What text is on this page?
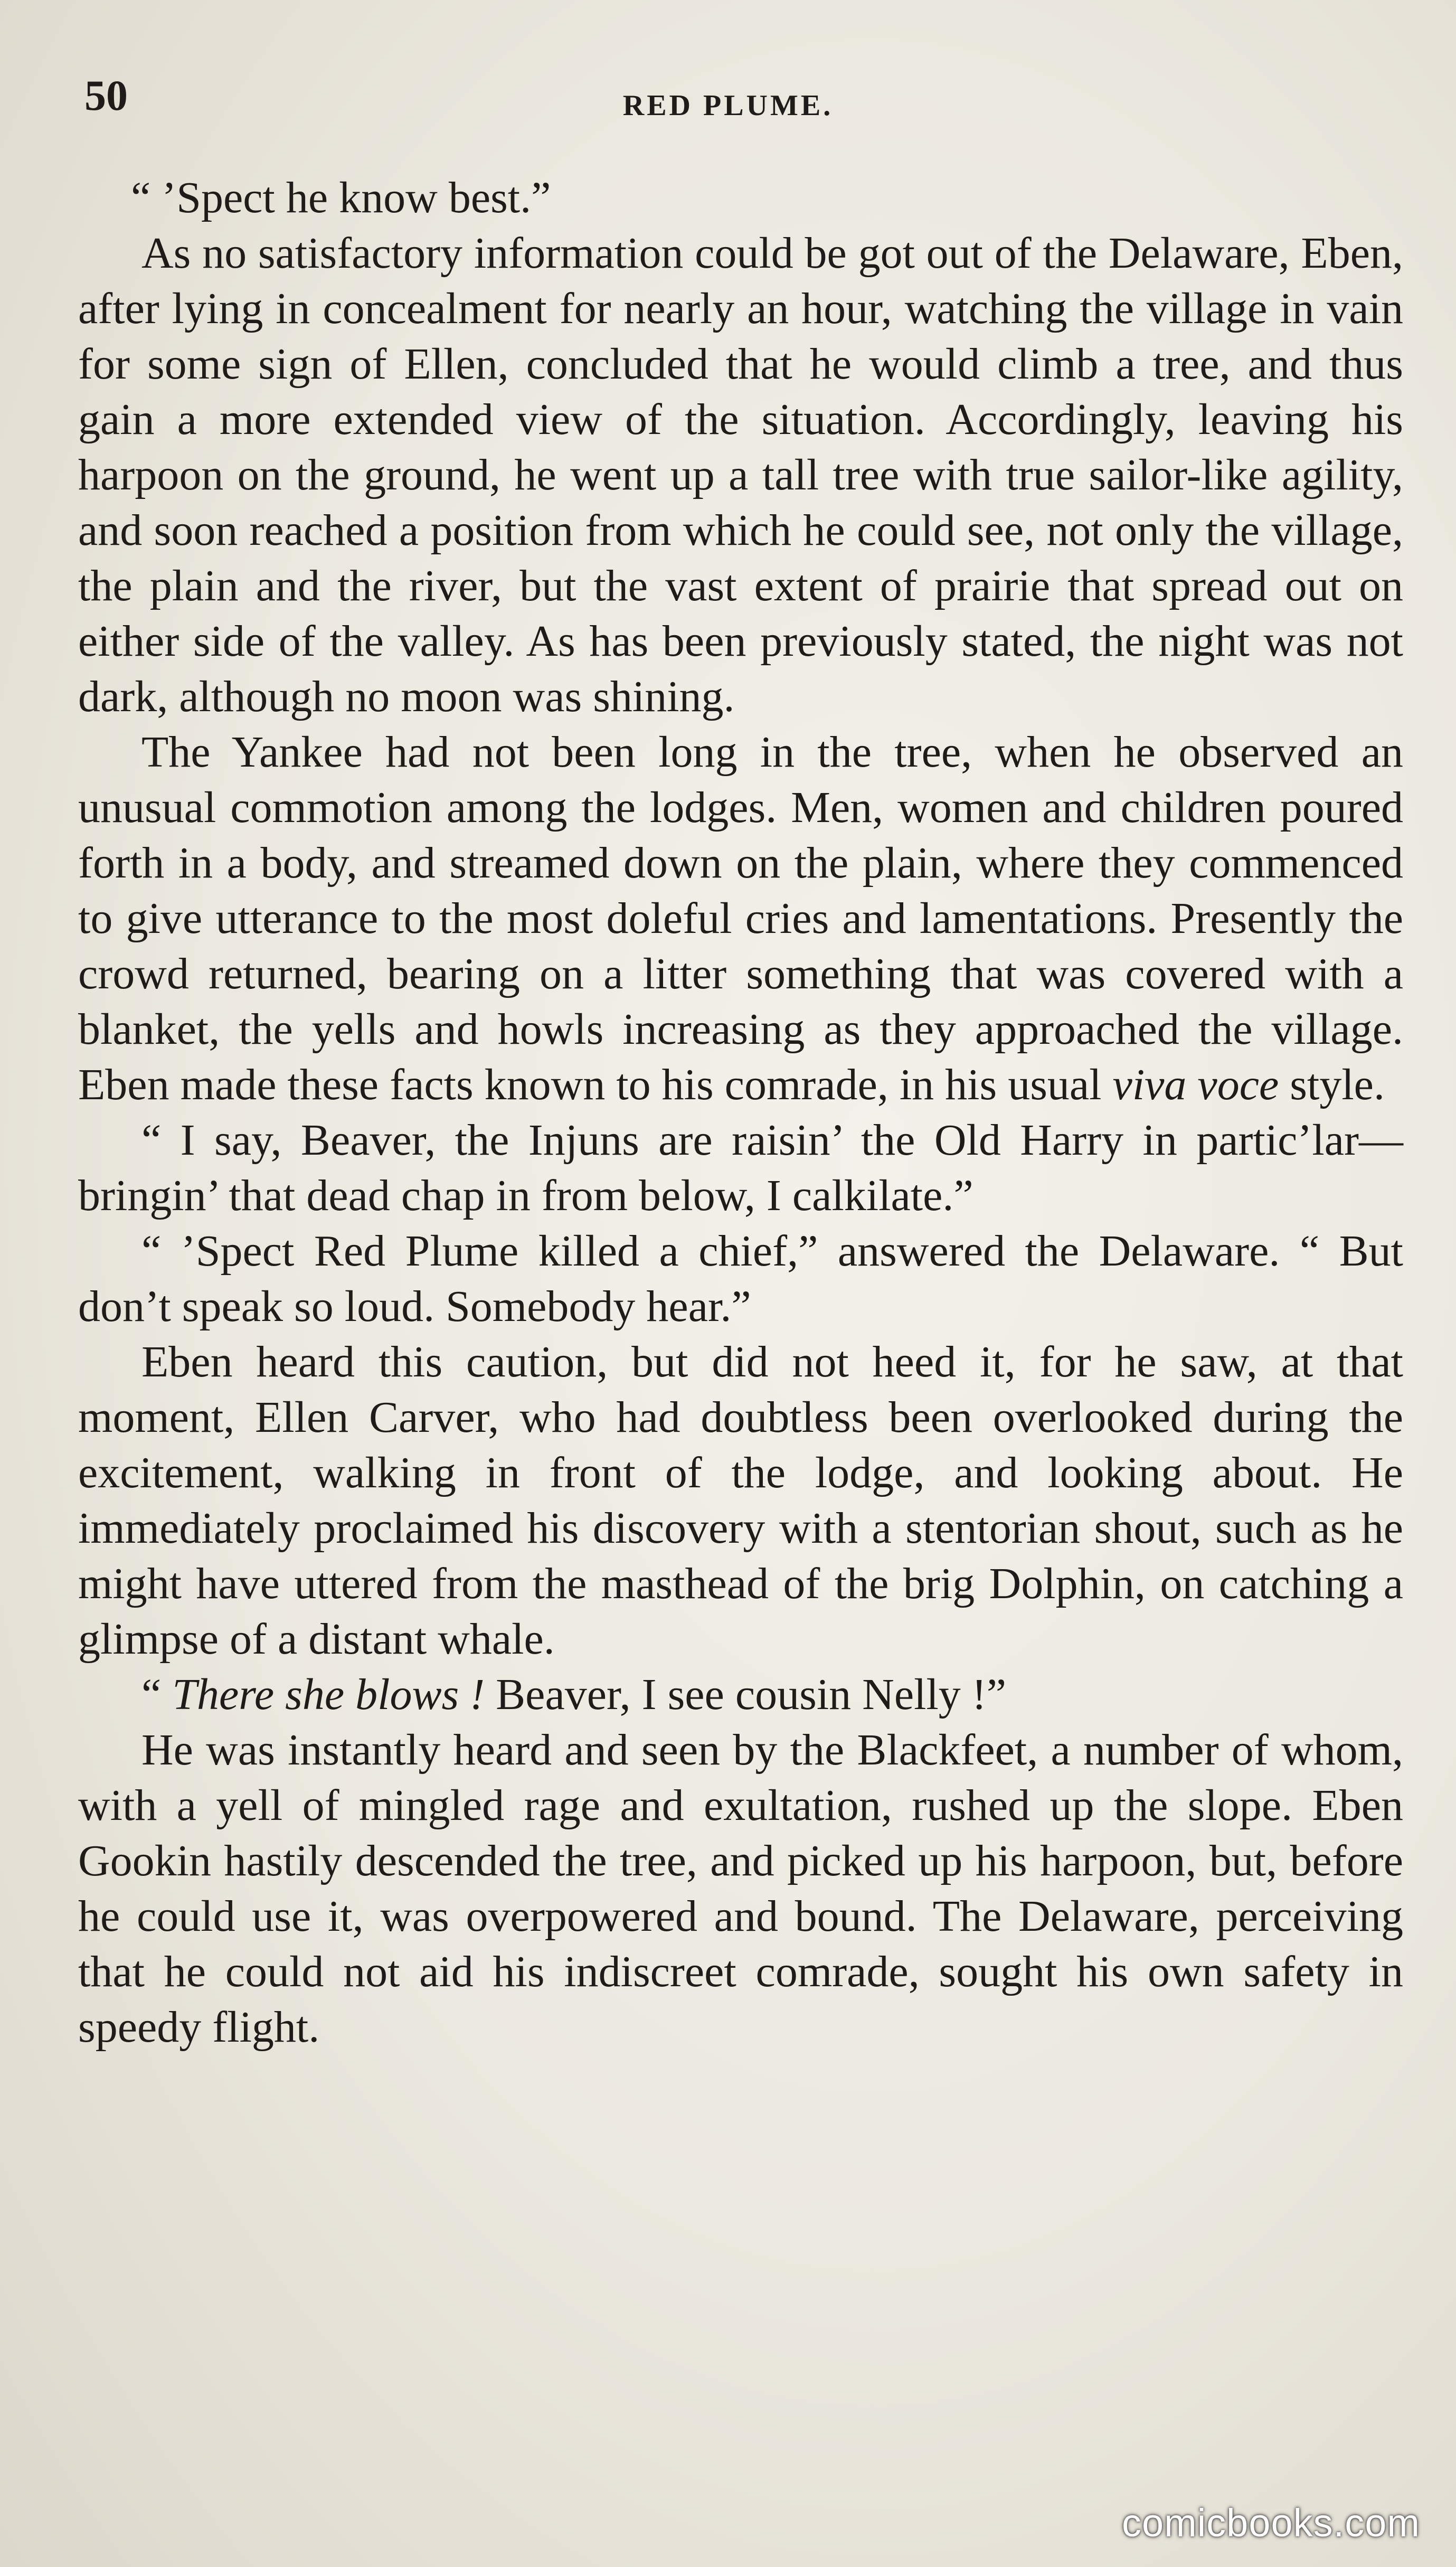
50	RED PLUME.

“ ’Spect he know best.”

As no satisfactory information could be got out of the Delaware, Eben, after lying in concealment for nearly an hour, watching the village in vain for some sign of Ellen, concluded that he would climb a tree, and thus gain a more extended view of the situation. Accordingly, leaving his harpoon on the ground, he went up a tall tree with true sailor-like agility, and soon reached a position from which he could see, not only the village, the plain and the river, but the vast extent of prairie that spread out on either side of the valley. As has been previously stated, the night was not dark, although no moon was shining.

The Yankee had not been long in the tree, when he observed an unusual commotion among the lodges. Men, women and children poured forth in a body, and streamed down on the plain, where they commenced to give utterance to the most doleful cries and lamentations. Presently the crowd returned, bearing on a litter something that was covered with a blanket, the yells and howls increasing as they approached the village. Eben made these facts known to his comrade, in his usual viva voce style.

“ I say, Beaver, the Injuns are raisin’ the Old Harry in partic’lar—bringin’ that dead chap in from below, I calkilate.”

“ ’Spect Red Plume killed a chief,” answered the Delaware. “ But don’t speak so loud. Somebody hear.”

Eben heard this caution, but did not heed it, for he saw, at that moment, Ellen Carver, who had doubtless been overlooked during the excitement, walking in front of the lodge, and looking about. He immediately proclaimed his discovery with a stentorian shout, such as he might have uttered from the masthead of the brig Dolphin, on catching a glimpse of a distant whale.

“ There she blows ! Beaver, I see cousin Nelly !”

He was instantly heard and seen by the Blackfeet, a number of whom, with a yell of mingled rage and exultation, rushed up the slope. Eben Gookin hastily descended the tree, and picked up his harpoon, but, before he could use it, was overpowered and bound. The Delaware, perceiving that he could not aid his indiscreet comrade, sought his own safety in speedy flight.

comicbooks.com
